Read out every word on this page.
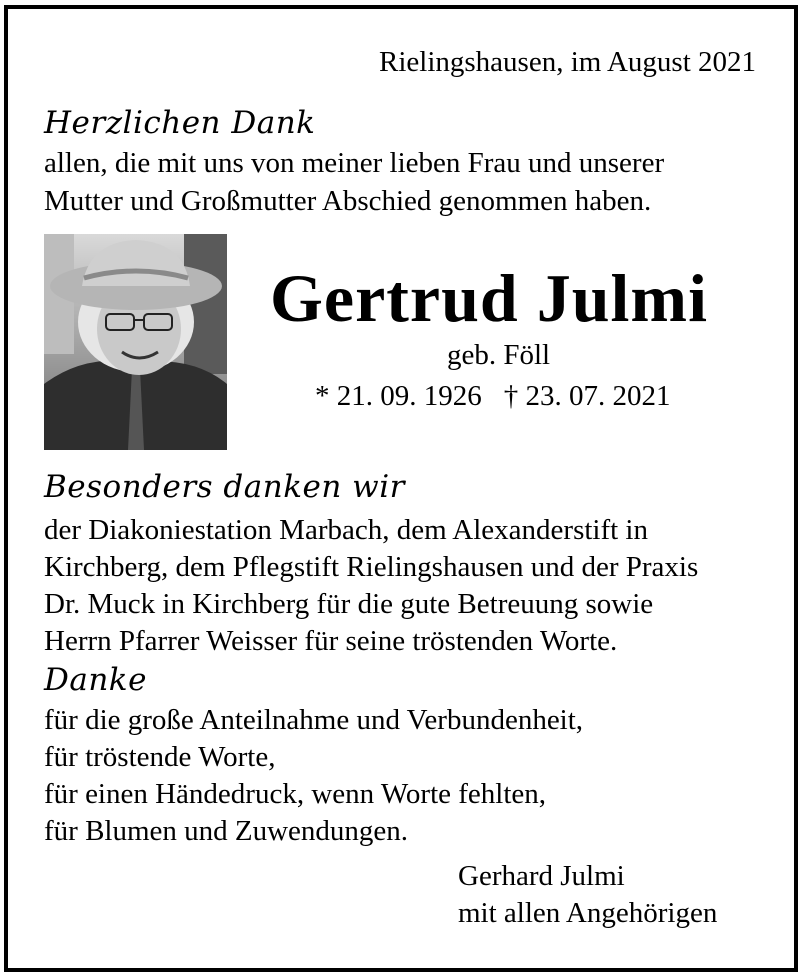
Rielingshausen, im August 2021
Herzlichen Dank
allen, die mit uns von meiner lieben Frau und unserer
Mutter und Großmutter Abschied genommen haben.
Gertrud Julmi
geb. Föll
* 21. 09. 1926 † 23. 07. 2021
Besonders danken wir
der Diakoniestation Marbach, dem Alexanderstift in
Kirchberg, dem Pflegstift Rielingshausen und der Praxis
Dr. Muck in Kirchberg für die gute Betreuung sowie
Herrn Pfarrer Weisser für seine tröstenden Worte.
Danke
für die große Anteilnahme und Verbundenheit,
für tröstende Worte,
für einen Händedruck, wenn Worte fehlten,
für Blumen und Zuwendungen.
Gerhard Julmi
mit allen Angehörigen
